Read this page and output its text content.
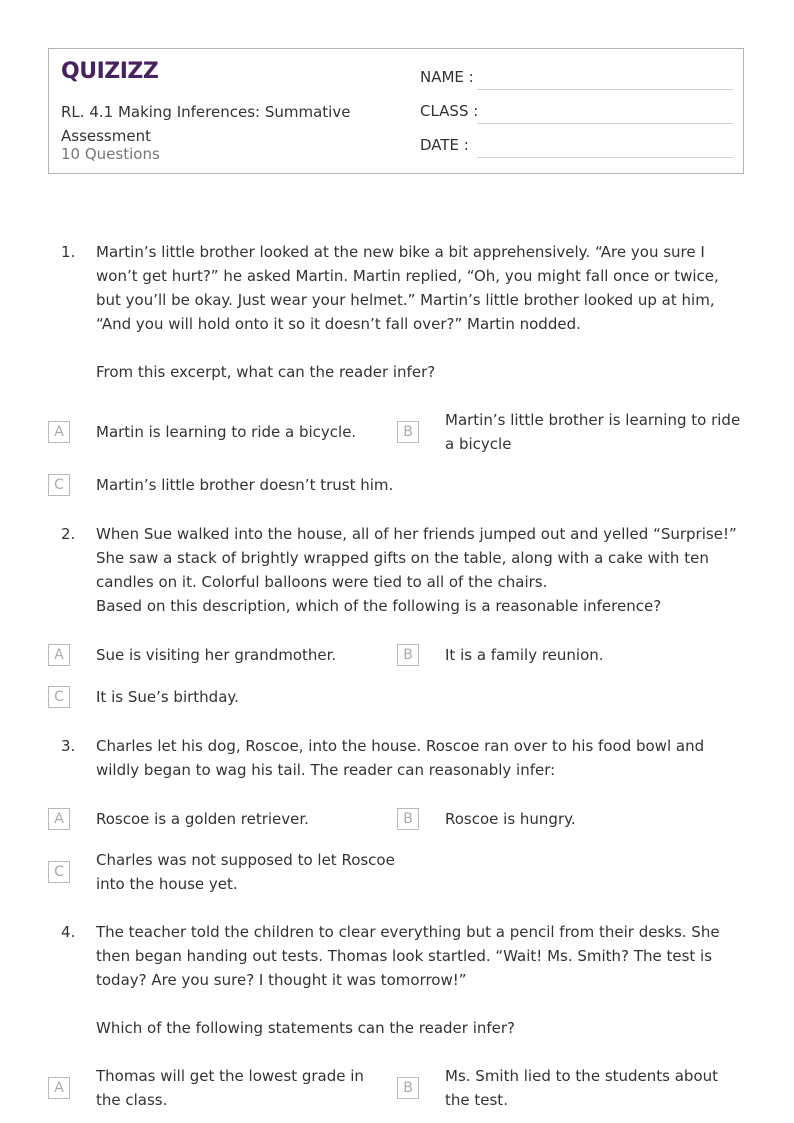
QUIZIZZ
RL. 4.1 Making Inferences: Summative Assessment
10 Questions
NAME :
CLASS :
DATE :
1. Martin’s little brother looked at the new bike a bit apprehensively. “Are you sure I won’t get hurt?” he asked Martin. Martin replied, “Oh, you might fall once or twice, but you’ll be okay. Just wear your helmet.” Martin’s little brother looked up at him, “And you will hold onto it so it doesn’t fall over?” Martin nodded.
From this excerpt, what can the reader infer?
A	Martin is learning to ride a bicycle.	B
Martin’s little brother is learning to ride a bicycle
C	Martin’s little brother doesn’t trust him.
2. When Sue walked into the house, all of her friends jumped out and yelled “Surprise!” She saw a stack of brightly wrapped gifts on the table, along with a cake with ten candles on it. Colorful balloons were tied to all of the chairs.
Based on this description, which of the following is a reasonable inference?
A	Sue is visiting her grandmother.	B	It is a family reunion.
C	It is Sue’s birthday.
3. Charles let his dog, Roscoe, into the house. Roscoe ran over to his food bowl and wildly began to wag his tail. The reader can reasonably infer:
A	Roscoe is a golden retriever.	B	Roscoe is hungry.
C
Charles was not supposed to let Roscoe into the house yet.
4. The teacher told the children to clear everything but a pencil from their desks. She then began handing out tests. Thomas look startled. “Wait! Ms. Smith? The test is today? Are you sure? I thought it was tomorrow!”
Which of the following statements can the reader infer?
A
Thomas will get the lowest grade in the class.
B
Ms. Smith lied to the students about the test.
